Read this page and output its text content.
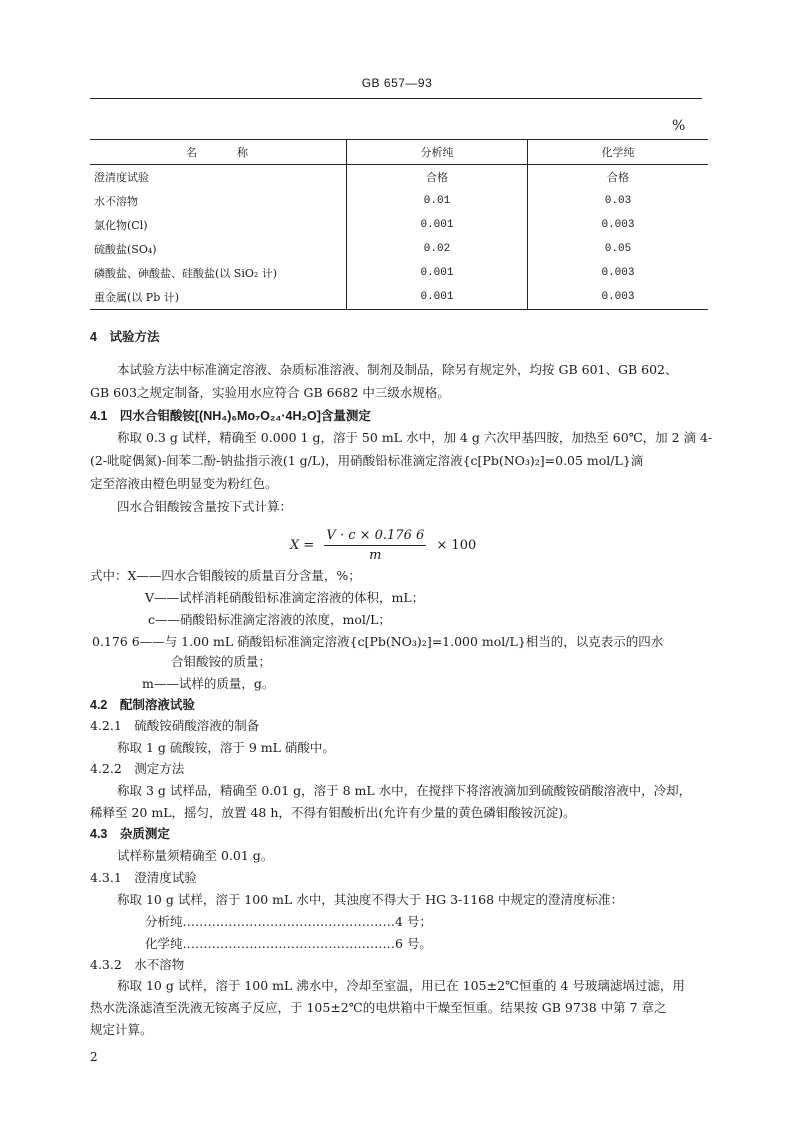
GB 657—93
%
名　　称	分析纯	化学纯
澄清度试验	合格	合格
水不溶物	0.01	0.03
氯化物(Cl)	0.001	0.003
硫酸盐(SO₄)	0.02	0.05
磷酸盐、砷酸盐、硅酸盐(以 SiO₂ 计)	0.001	0.003
重金属(以 Pb 计)	0.001	0.003
4　试验方法
本试验方法中标准滴定溶液、杂质标准溶液、制剂及制品，除另有规定外，均按 GB 601、GB 602、
GB 603之规定制备，实验用水应符合 GB 6682 中三级水规格。
4.1　四水合钼酸铵[(NH₄)₆Mo₇O₂₄·4H₂O]含量测定
称取 0.3 g 试样，精确至 0.000 1 g，溶于 50 mL 水中，加 4 g 六次甲基四胺，加热至 60℃，加 2 滴 4-
(2-吡啶偶氮)-间苯二酚-钠盐指示液(1 g/L)，用硝酸铅标准滴定溶液{c[Pb(NO₃)₂]=0.05 mol/L}滴
定至溶液由橙色明显变为粉红色。
四水合钼酸铵含量按下式计算：
$X = \frac{V \cdot c \times 0.176 6}{m} \times 100$
式中：X——四水合钼酸铵的质量百分含量，%；
V——试样消耗硝酸铅标准滴定溶液的体积，mL；
c——硝酸铅标准滴定溶液的浓度，mol/L；
0.176 6——与 1.00 mL 硝酸铅标准滴定溶液{c[Pb(NO₃)₂]=1.000 mol/L}相当的，以克表示的四水
合钼酸铵的质量；
m——试样的质量，g。
4.2　配制溶液试验
4.2.1　硫酸铵硝酸溶液的制备
称取 1 g 硫酸铵，溶于 9 mL 硝酸中。
4.2.2　测定方法
称取 3 g 试样品，精确至 0.01 g，溶于 8 mL 水中，在搅拌下将溶液滴加到硫酸铵硝酸溶液中，冷却，
稀释至 20 mL，摇匀，放置 48 h，不得有钼酸析出(允许有少量的黄色磷钼酸铵沉淀)。
4.3　杂质测定
试样称量须精确至 0.01 g。
4.3.1　澄清度试验
称取 10 g 试样，溶于 100 mL 水中，其浊度不得大于 HG 3-1168 中规定的澄清度标准：
分析纯……………………………………………4 号；
化学纯……………………………………………6 号。
4.3.2　水不溶物
称取 10 g 试样，溶于 100 mL 沸水中，冷却至室温，用已在 105±2℃恒重的 4 号玻璃滤埚过滤，用
热水洗涤滤渣至洗液无铵离子反应，于 105±2℃的电烘箱中干燥至恒重。结果按 GB 9738 中第 7 章之
规定计算。
2
